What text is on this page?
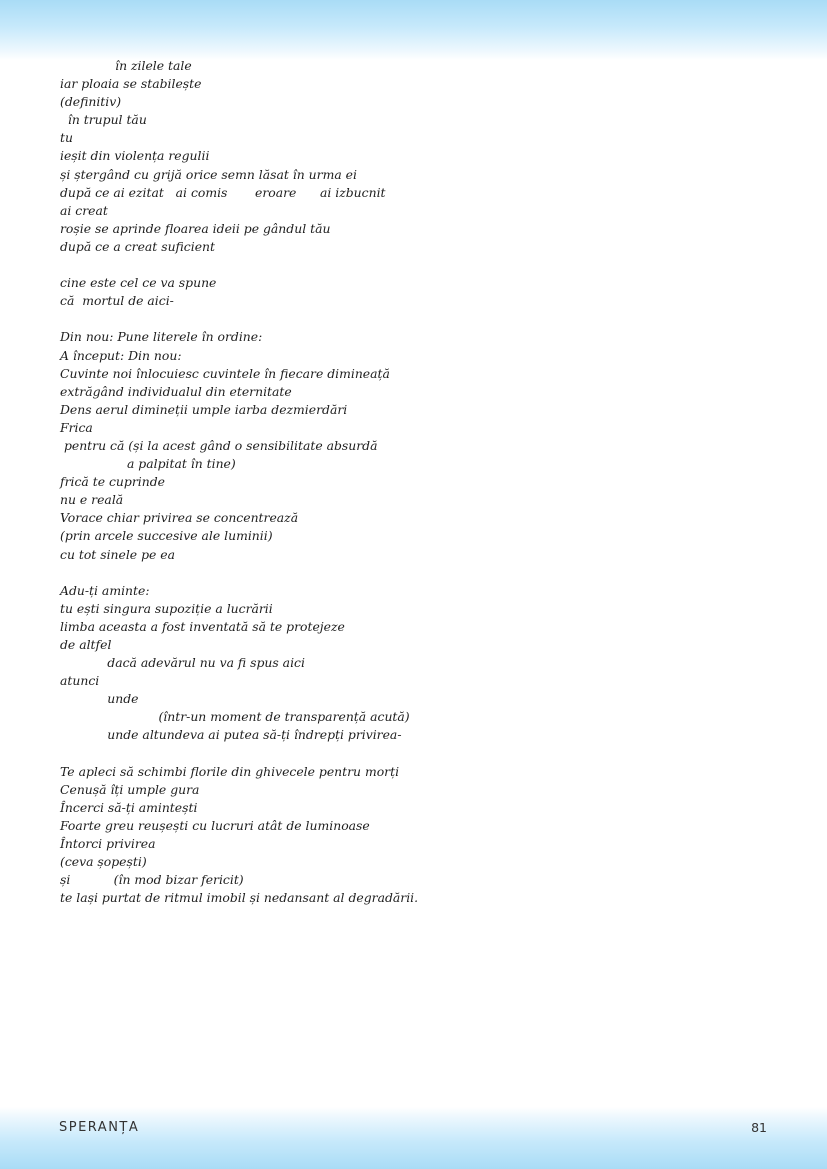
în zilele tale
iar ploaia se stabilește
(definitiv)
în trupul tău
tu
ieșit din violența regulii
și ștergând cu grijă orice semn lăsat în urma ei
după ce ai ezitat   ai comis       eroare      ai izbucnit
ai creat
roșie se aprinde floarea ideii pe gândul tău
după ce a creat suficient
cine este cel ce va spune
că  mortul de aici-
Din nou: Pune literele în ordine:
A început: Din nou:
Cuvinte noi înlocuiesc cuvintele în fiecare dimineață
extrăgând individualul din eternitate
Dens aerul dimineții umple iarba dezmierdări
Frica
pentru că (și la acest gând o sensibilitate absurdă
a palpitat în tine)
frică te cuprinde
nu e reală
Vorace chiar privirea se concentrează
(prin arcele succesive ale luminii)
cu tot sinele pe ea
Adu-ți aminte:
tu ești singura supoziție a lucrării
limba aceasta a fost inventată să te protejeze
de altfel
dacă adevărul nu va fi spus aici
atunci
unde
(într-un moment de transparență acută)
unde altundeva ai putea să-ți îndrepți privirea-
Te apleci să schimbi florile din ghivecele pentru morți
Cenușă îți umple gura
Încerci să-ți amintești
Foarte greu reușești cu lucruri atât de luminoase
Întorci privirea
(ceva șopești)
și           (în mod bizar fericit)
te lași purtat de ritmul imobil și nedansant al degradării.
SPERANȚA	81
